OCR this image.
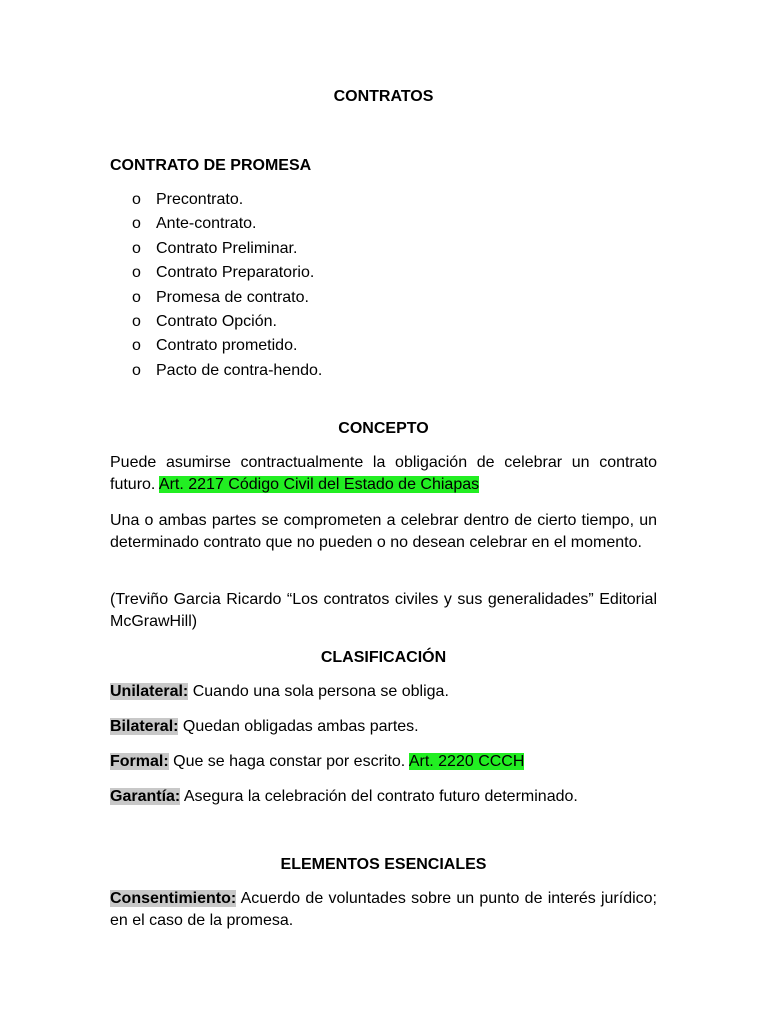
CONTRATOS
CONTRATO DE PROMESA
o Precontrato.
o Ante-contrato.
o Contrato Preliminar.
o Contrato Preparatorio.
o Promesa de contrato.
o Contrato Opción.
o Contrato prometido.
o Pacto de contra-hendo.
CONCEPTO
Puede asumirse contractualmente la obligación de celebrar un contrato futuro. Art. 2217 Código Civil del Estado de Chiapas
Una o ambas partes se comprometen a celebrar dentro de cierto tiempo, un determinado contrato que no pueden o no desean celebrar en el momento.
(Treviño Garcia Ricardo “Los contratos civiles y sus generalidades” Editorial McGrawHill)
CLASIFICACIÓN
Unilateral: Cuando una sola persona se obliga.
Bilateral: Quedan obligadas ambas partes.
Formal: Que se haga constar por escrito. Art. 2220 CCCH
Garantía: Asegura la celebración del contrato futuro determinado.
ELEMENTOS ESENCIALES
Consentimiento: Acuerdo de voluntades sobre un punto de interés jurídico; en el caso de la promesa.
